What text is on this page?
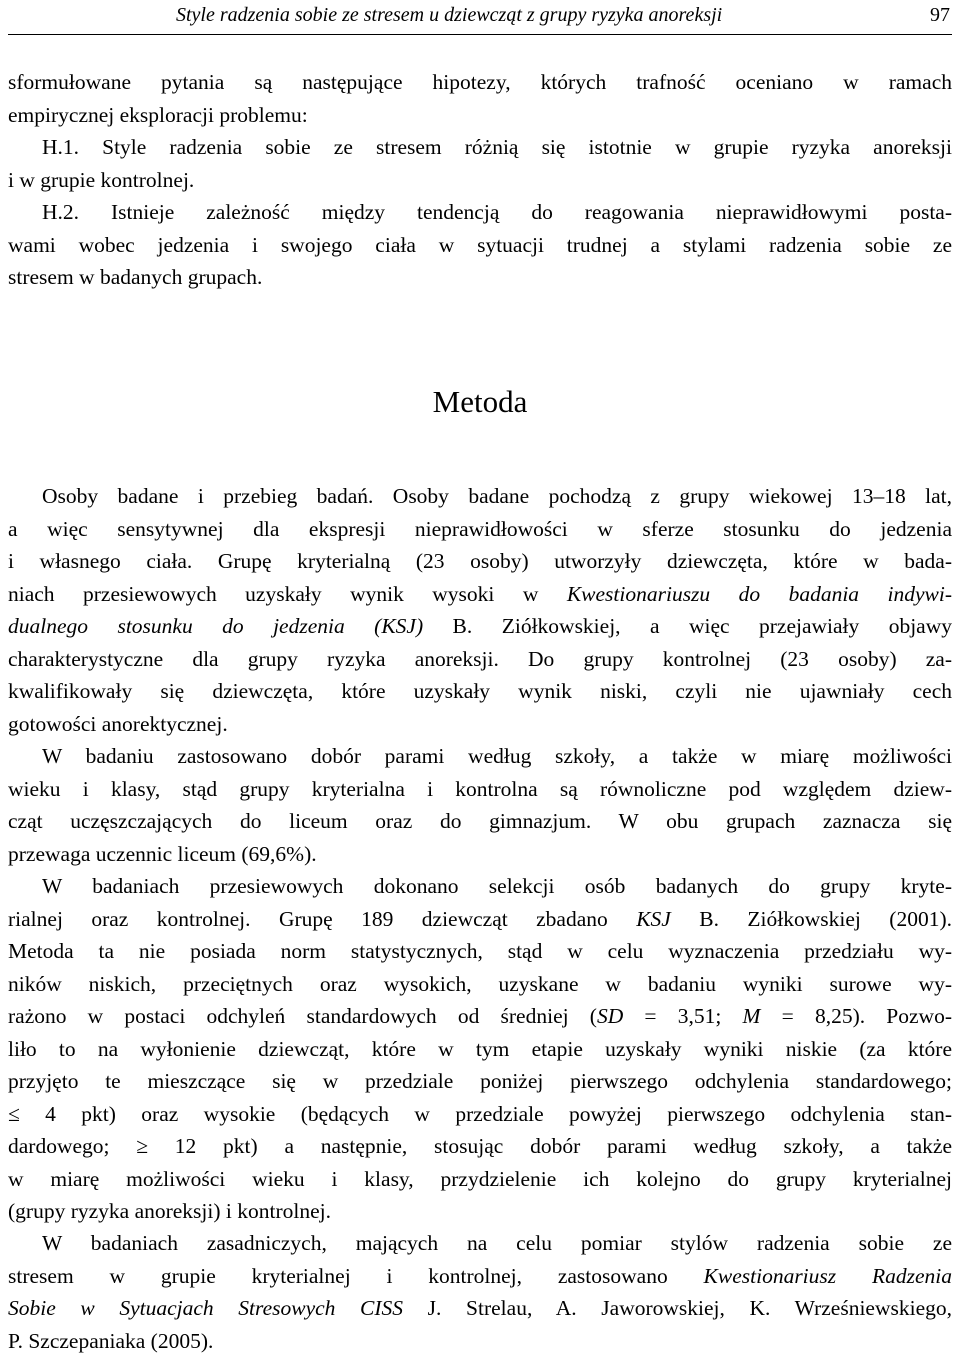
Style radzenia sobie ze stresem u dziewcząt z grupy ryzyka anoreksji	97
sformułowane pytania są następujące hipotezy, których trafność oceniano w ramach
empirycznej eksploracji problemu:
H.1. Style radzenia sobie ze stresem różnią się istotnie w grupie ryzyka anoreksji
i w grupie kontrolnej.
H.2. Istnieje zależność między tendencją do reagowania nieprawidłowymi posta-
wami wobec jedzenia i swojego ciała w sytuacji trudnej a stylami radzenia sobie ze
stresem w badanych grupach.
Metoda
Osoby badane i przebieg badań. Osoby badane pochodzą z grupy wiekowej 13–18 lat,
a więc sensytywnej dla ekspresji nieprawidłowości w sferze stosunku do jedzenia
i własnego ciała. Grupę kryterialną (23 osoby) utworzyły dziewczęta, które w bada-
niach przesiewowych uzyskały wynik wysoki w Kwestionariuszu do badania indywi-
dualnego stosunku do jedzenia (KSJ) B. Ziółkowskiej, a więc przejawiały objawy
charakterystyczne dla grupy ryzyka anoreksji. Do grupy kontrolnej (23 osoby) za-
kwalifikowały się dziewczęta, które uzyskały wynik niski, czyli nie ujawniały cech
gotowości anorektycznej.
W badaniu zastosowano dobór parami według szkoły, a także w miarę możliwości
wieku i klasy, stąd grupy kryterialna i kontrolna są równoliczne pod względem dziew-
cząt uczęszczających do liceum oraz do gimnazjum. W obu grupach zaznacza się
przewaga uczennic liceum (69,6%).
W badaniach przesiewowych dokonano selekcji osób badanych do grupy kryte-
rialnej oraz kontrolnej. Grupę 189 dziewcząt zbadano KSJ B. Ziółkowskiej (2001).
Metoda ta nie posiada norm statystycznych, stąd w celu wyznaczenia przedziału wy-
ników niskich, przeciętnych oraz wysokich, uzyskane w badaniu wyniki surowe wy-
rażono w postaci odchyleń standardowych od średniej (SD = 3,51; M = 8,25). Pozwo-
liło to na wyłonienie dziewcząt, które w tym etapie uzyskały wyniki niskie (za które
przyjęto te mieszczące się w przedziale poniżej pierwszego odchylenia standardowego;
≤ 4 pkt) oraz wysokie (będących w przedziale powyżej pierwszego odchylenia stan-
dardowego; ≥ 12 pkt) a następnie, stosując dobór parami według szkoły, a także
w miarę możliwości wieku i klasy, przydzielenie ich kolejno do grupy kryterialnej
(grupy ryzyka anoreksji) i kontrolnej.
W badaniach zasadniczych, mających na celu pomiar stylów radzenia sobie ze
stresem w grupie kryterialnej i kontrolnej, zastosowano Kwestionariusz Radzenia
Sobie w Sytuacjach Stresowych CISS J. Strelau, A. Jaworowskiej, K. Wrześniewskiego,
P. Szczepaniaka (2005).
